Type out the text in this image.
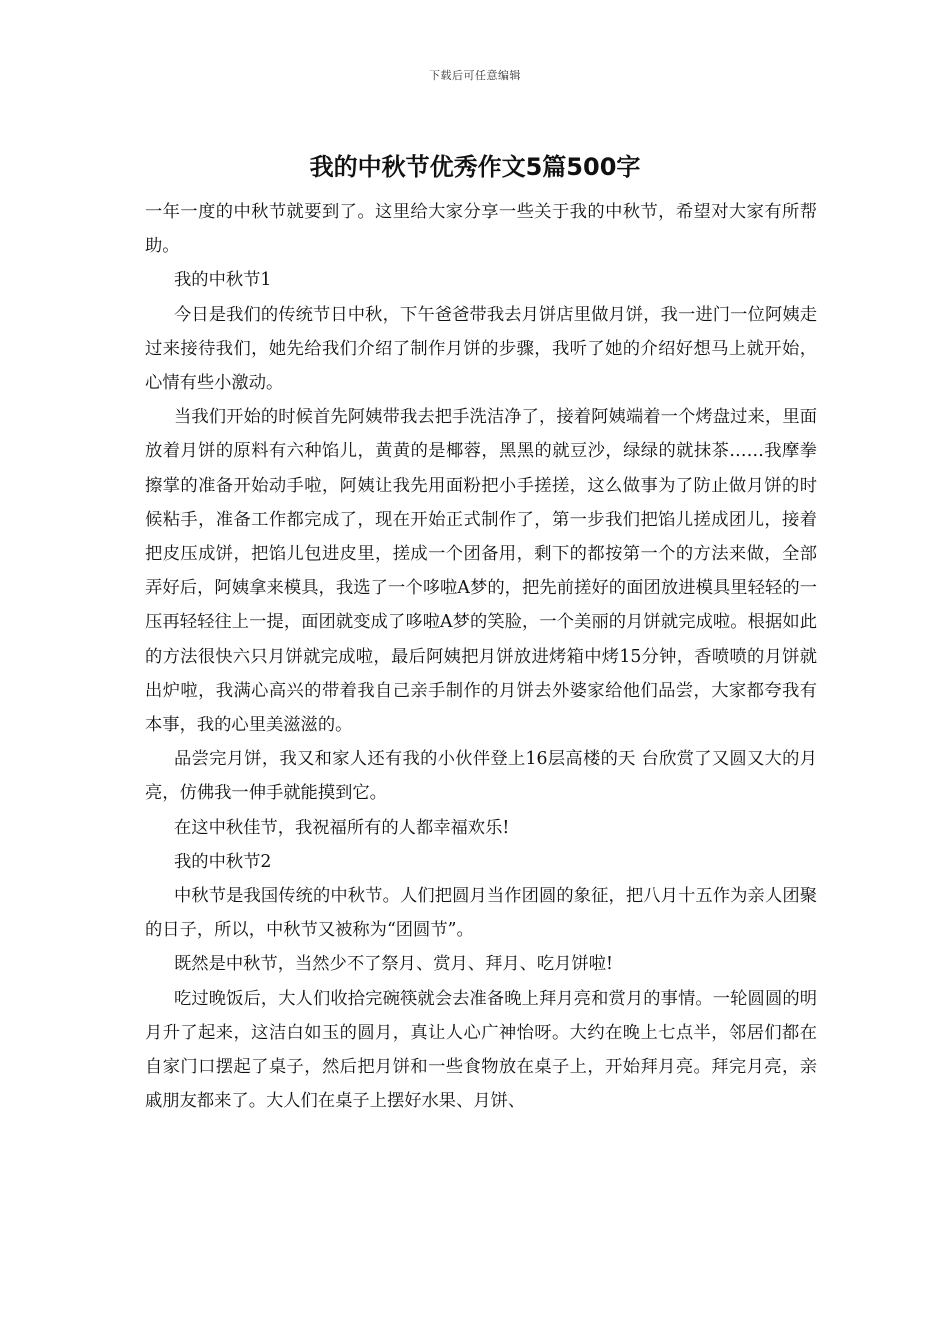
下载后可任意编辑
我的中秋节优秀作文5篇500字

一年一度的中秋节就要到了。这里给大家分享一些关于我的中秋节，希望对大家有所帮助。

我的中秋节1

今日是我们的传统节日中秋，下午爸爸带我去月饼店里做月饼，我一进门一位阿姨走过来接待我们，她先给我们介绍了制作月饼的步骤，我听了她的介绍好想马上就开始，心情有些小激动。

当我们开始的时候首先阿姨带我去把手洗洁净了，接着阿姨端着一个烤盘过来，里面放着月饼的原料有六种馅儿，黄黄的是椰蓉，黑黑的就豆沙，绿绿的就抹茶……我摩拳擦掌的准备开始动手啦，阿姨让我先用面粉把小手搓搓，这么做事为了防止做月饼的时候粘手，准备工作都完成了，现在开始正式制作了，第一步我们把馅儿搓成团儿，接着把皮压成饼，把馅儿包进皮里，搓成一个团备用，剩下的都按第一个的方法来做，全部弄好后，阿姨拿来模具，我选了一个哆啦A梦的，把先前搓好的面团放进模具里轻轻的一压再轻轻往上一提，面团就变成了哆啦A梦的笑脸，一个美丽的月饼就完成啦。根据如此的方法很快六只月饼就完成啦，最后阿姨把月饼放进烤箱中烤15分钟，香喷喷的月饼就出炉啦，我满心高兴的带着我自己亲手制作的月饼去外婆家给他们品尝，大家都夸我有本事，我的心里美滋滋的。

品尝完月饼，我又和家人还有我的小伙伴登上16层高楼的天 台欣赏了又圆又大的月亮，仿佛我一伸手就能摸到它。

在这中秋佳节，我祝福所有的人都幸福欢乐!

我的中秋节2

中秋节是我国传统的中秋节。人们把圆月当作团圆的象征，把八月十五作为亲人团聚的日子，所以，中秋节又被称为“团圆节”。

既然是中秋节，当然少不了祭月、赏月、拜月、吃月饼啦!

吃过晚饭后，大人们收拾完碗筷就会去准备晚上拜月亮和赏月的事情。一轮圆圆的明月升了起来，这洁白如玉的圆月，真让人心广神怡呀。大约在晚上七点半，邻居们都在自家门口摆起了桌子，然后把月饼和一些食物放在桌子上，开始拜月亮。拜完月亮，亲戚朋友都来了。大人们在桌子上摆好水果、月饼、
